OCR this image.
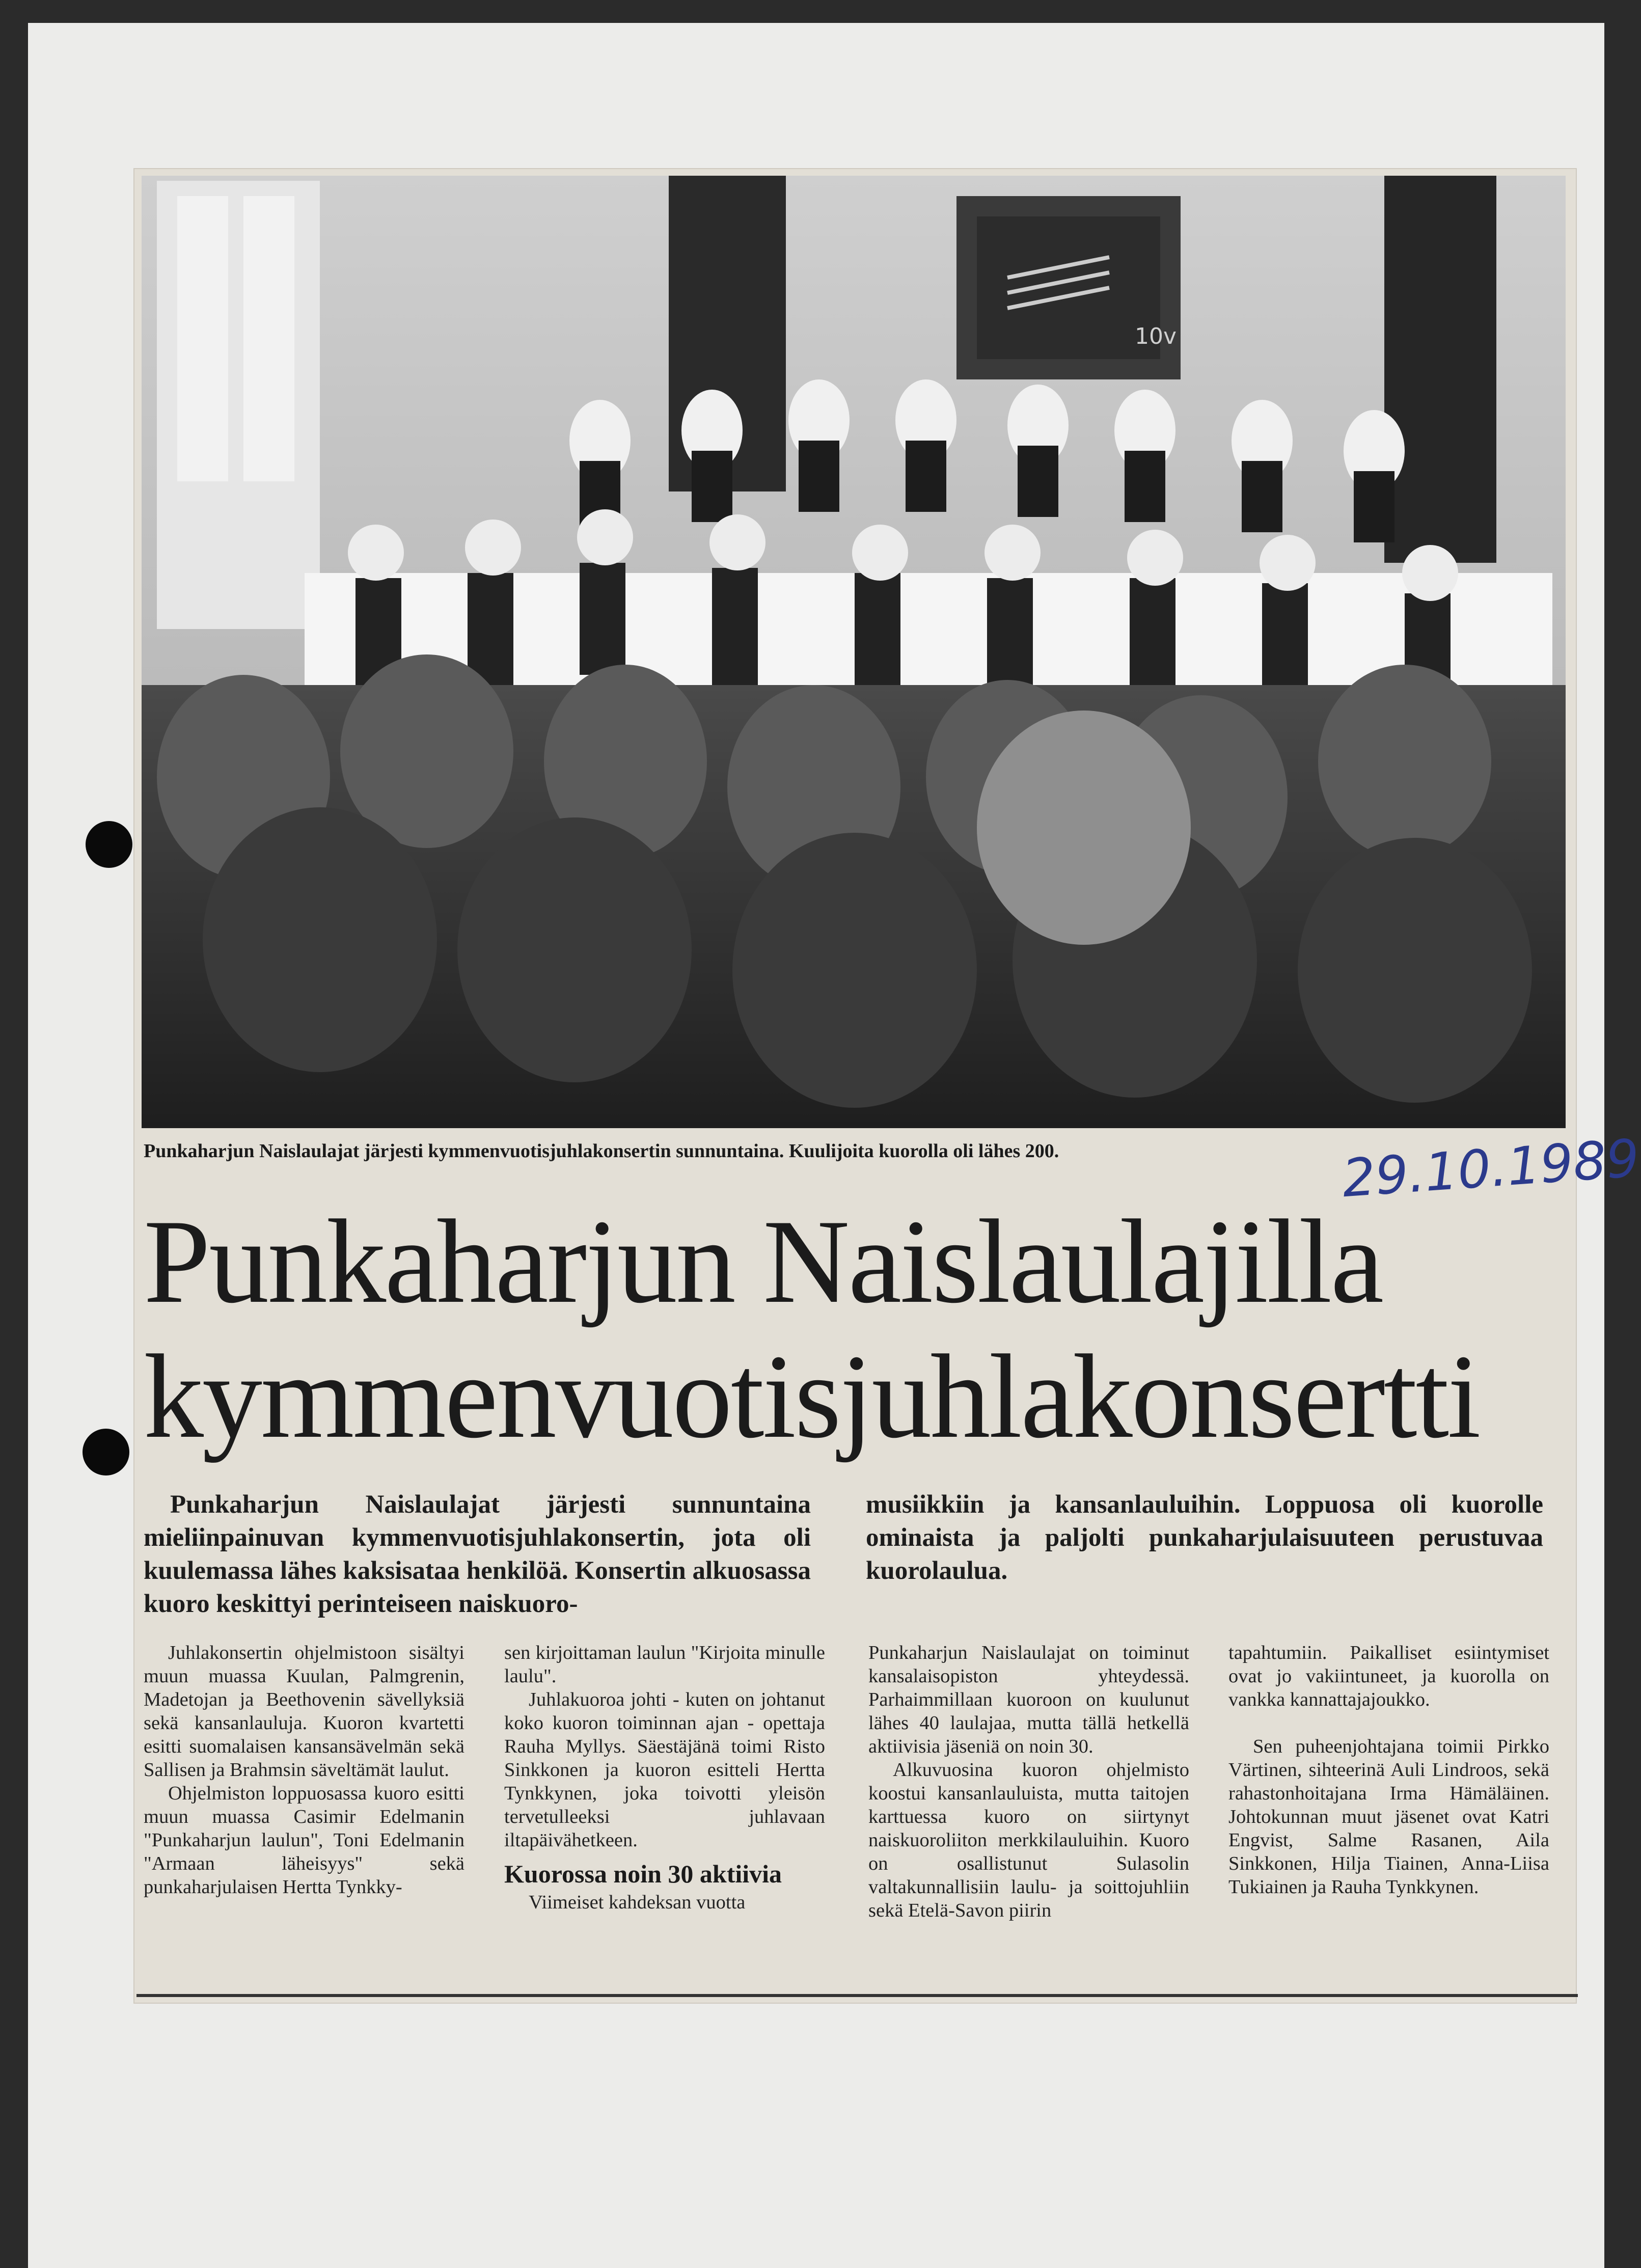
10v
Punkaharjun Naislaulajat järjesti kymmenvuotisjuhlakonsertin sunnuntaina. Kuulijoita kuorolla oli lähes 200.	29.10.1989
Punkaharjun Naislaulajilla
kymmenvuotisjuhlakonsertti

Punkaharjun Naislaulajat järjesti sunnuntaina mieliinpainuvan kymmenvuotisjuhlakonsertin, jota oli kuulemassa lähes kaksisataa henkilöä. Konsertin alkuosassa kuoro keskittyi perinteiseen naiskuoro-

musiikkiin ja kansanlauluihin. Loppuosa oli kuorolle ominaista ja paljolti punkaharjulaisuuteen perustuvaa kuorolaulua.

Juhlakonsertin ohjelmistoon sisältyi muun muassa Kuulan, Palmgrenin, Madetojan ja Beethovenin sävellyksiä sekä kansanlauluja. Kuoron kvartetti esitti suomalaisen kansansävelmän sekä Sallisen ja Brahmsin säveltämät laulut.

Ohjelmiston loppuosassa kuoro esitti muun muassa Casimir Edelmanin "Punkaharjun laulun", Toni Edelmanin "Armaan läheisyys" sekä punkaharjulaisen Hertta Tynkky-

sen kirjoittaman laulun "Kirjoita minulle laulu".

Juhlakuoroa johti - kuten on johtanut koko kuoron toiminnan ajan - opettaja Rauha Myllys. Säestäjänä toimi Risto Sinkkonen ja kuoron esitteli Hertta Tynkkynen, joka toivotti yleisön tervetulleeksi juhlavaan iltapäivähetkeen.

Kuorossa noin 30 aktiivia

Viimeiset kahdeksan vuotta

Punkaharjun Naislaulajat on toiminut kansalaisopiston yhteydessä. Parhaimmillaan kuoroon on kuulunut lähes 40 laulajaa, mutta tällä hetkellä aktiivisia jäseniä on noin 30.

Alkuvuosina kuoron ohjelmisto koostui kansanlauluista, mutta taitojen karttuessa kuoro on siirtynyt naiskuoroliiton merkkilauluihin. Kuoro on osallistunut Sulasolin valtakunnallisiin laulu- ja soittojuhliin sekä Etelä-Savon piirin

tapahtumiin. Paikalliset esiintymiset ovat jo vakiintuneet, ja kuorolla on vankka kannattajajoukko.

Sen puheenjohtajana toimii Pirkko Värtinen, sihteerinä Auli Lindroos, sekä rahastonhoitajana Irma Hämäläinen. Johtokunnan muut jäsenet ovat Katri Engvist, Salme Rasanen, Aila Sinkkonen, Hilja Tiainen, Anna-Liisa Tukiainen ja Rauha Tynkkynen.
